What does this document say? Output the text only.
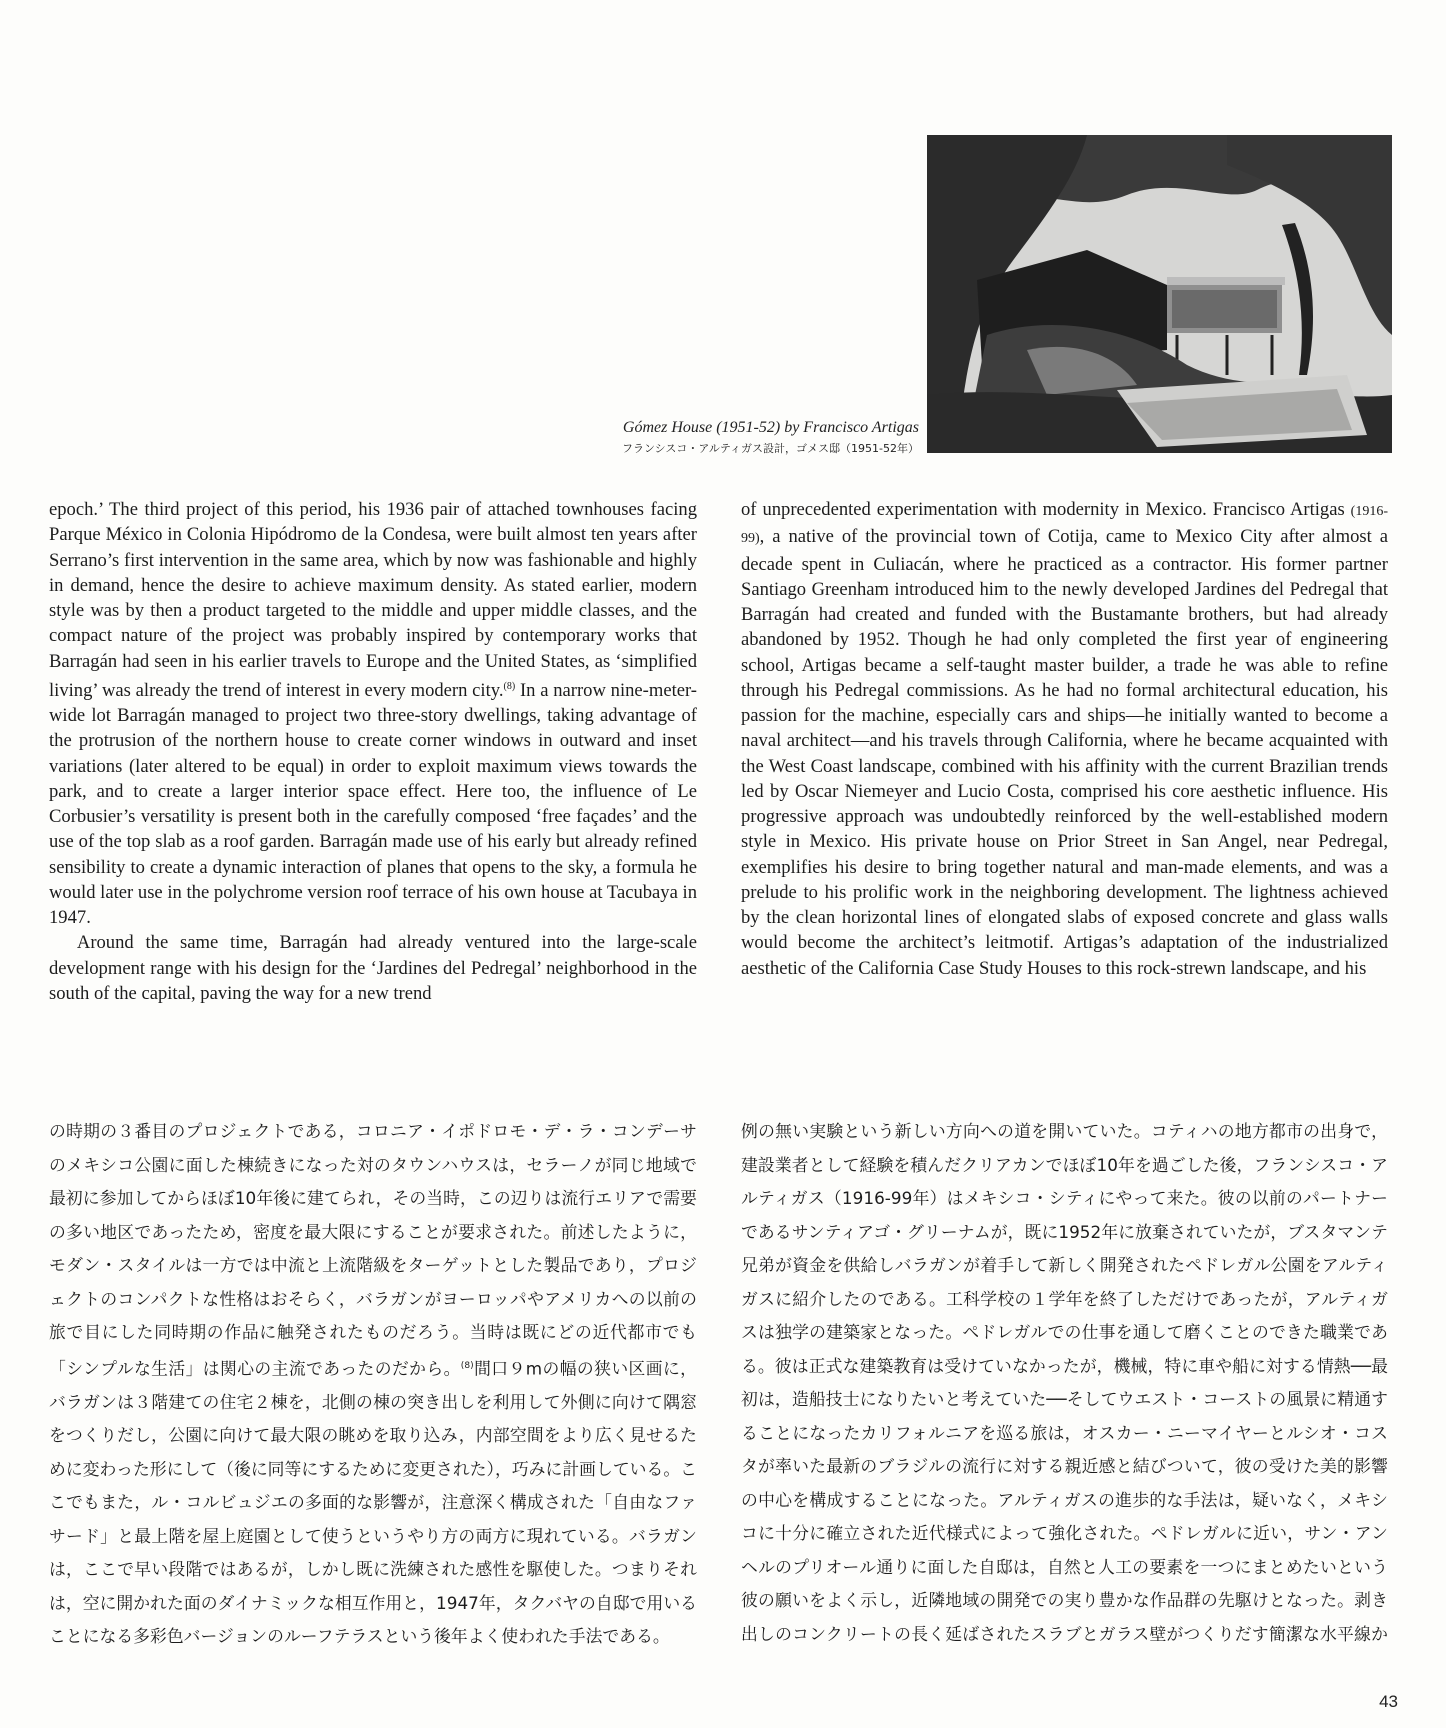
Gómez House (1951-52) by Francisco Artigas
フランシスコ・アルティガス設計，ゴメス邸（1951-52年）

epoch.’ The third project of this period, his 1936 pair of attached townhouses facing Parque México in Colonia Hipódromo de la Condesa, were built almost ten years after Serrano’s first intervention in the same area, which by now was fashionable and highly in demand, hence the desire to achieve maximum density. As stated earlier, modern style was by then a product targeted to the middle and upper middle classes, and the compact nature of the project was probably inspired by contemporary works that Barragán had seen in his earlier travels to Europe and the United States, as ‘simplified living’ was already the trend of interest in every modern city.$^{(8)}$ In a narrow nine-meter-wide lot Barragán managed to project two three-story dwellings, taking advantage of the protrusion of the northern house to create corner windows in outward and inset variations (later altered to be equal) in order to exploit maximum views towards the park, and to create a larger interior space effect. Here too, the influence of Le Corbusier’s versatility is present both in the carefully composed ‘free façades’ and the use of the top slab as a roof garden. Barragán made use of his early but already refined sensibility to create a dynamic interaction of planes that opens to the sky, a formula he would later use in the polychrome version roof terrace of his own house at Tacubaya in 1947.

Around the same time, Barragán had already ventured into the large-scale development range with his design for the ‘Jardines del Pedregal’ neighborhood in the south of the capital, paving the way for a new trend

of unprecedented experimentation with modernity in Mexico. Francisco Artigas (1916-99), a native of the provincial town of Cotija, came to Mexico City after almost a decade spent in Culiacán, where he practiced as a contractor. His former partner Santiago Greenham introduced him to the newly developed Jardines del Pedregal that Barragán had created and funded with the Bustamante brothers, but had already abandoned by 1952. Though he had only completed the first year of engineering school, Artigas became a self-taught master builder, a trade he was able to refine through his Pedregal commissions. As he had no formal architectural education, his passion for the machine, especially cars and ships—he initially wanted to become a naval architect—and his travels through California, where he became acquainted with the West Coast landscape, combined with his affinity with the current Brazilian trends led by Oscar Niemeyer and Lucio Costa, comprised his core aesthetic influence. His progressive approach was undoubtedly reinforced by the well-established modern style in Mexico. His private house on Prior Street in San Angel, near Pedregal, exemplifies his desire to bring together natural and man-made elements, and was a prelude to his prolific work in the neighboring development. The lightness achieved by the clean horizontal lines of elongated slabs of exposed concrete and glass walls would become the architect’s leitmotif. Artigas’s adaptation of the industrialized aesthetic of the California Case Study Houses to this rock-strewn landscape, and his

の時期の３番目のプロジェクトである，コロニア・イポドロモ・デ・ラ・コンデーサのメキシコ公園に面した棟続きになった対のタウンハウスは，セラーノが同じ地域で最初に参加してからほぼ10年後に建てられ，その当時，この辺りは流行エリアで需要の多い地区であったため，密度を最大限にすることが要求された。前述したように，モダン・スタイルは一方では中流と上流階級をターゲットとした製品であり，プロジェクトのコンパクトな性格はおそらく，バラガンがヨーロッパやアメリカへの以前の旅で目にした同時期の作品に触発されたものだろう。当時は既にどの近代都市でも「シンプルな生活」は関心の主流であったのだから。$^{(8)}$間口９mの幅の狭い区画に，バラガンは３階建ての住宅２棟を，北側の棟の突き出しを利用して外側に向けて隅窓をつくりだし，公園に向けて最大限の眺めを取り込み，内部空間をより広く見せるために変わった形にして（後に同等にするために変更された），巧みに計画している。ここでもまた，ル・コルビュジエの多面的な影響が，注意深く構成された「自由なファサード」と最上階を屋上庭園として使うというやり方の両方に現れている。バラガンは，ここで早い段階ではあるが，しかし既に洗練された感性を駆使した。つまりそれは，空に開かれた面のダイナミックな相互作用と，1947年，タクバヤの自邸で用いることになる多彩色バージョンのルーフテラスという後年よく使われた手法である。

例の無い実験という新しい方向への道を開いていた。コティハの地方都市の出身で，建設業者として経験を積んだクリアカンでほぼ10年を過ごした後，フランシスコ・アルティガス（1916-99年）はメキシコ・シティにやって来た。彼の以前のパートナーであるサンティアゴ・グリーナムが，既に1952年に放棄されていたが，ブスタマンテ兄弟が資金を供給しバラガンが着手して新しく開発されたペドレガル公園をアルティガスに紹介したのである。工科学校の１学年を終了しただけであったが，アルティガスは独学の建築家となった。ペドレガルでの仕事を通して磨くことのできた職業である。彼は正式な建築教育は受けていなかったが，機械，特に車や船に対する情熱──最初は，造船技士になりたいと考えていた──そしてウエスト・コーストの風景に精通することになったカリフォルニアを巡る旅は，オスカー・ニーマイヤーとルシオ・コスタが率いた最新のブラジルの流行に対する親近感と結びついて，彼の受けた美的影響の中心を構成することになった。アルティガスの進歩的な手法は，疑いなく，メキシコに十分に確立された近代様式によって強化された。ペドレガルに近い，サン・アンヘルのプリオール通りに面した自邸は，自然と人工の要素を一つにまとめたいという彼の願いをよく示し，近隣地域の開発での実り豊かな作品群の先駆けとなった。剥き出しのコンクリートの長く延ばされたスラブとガラス壁がつくりだす簡潔な水平線か

43
